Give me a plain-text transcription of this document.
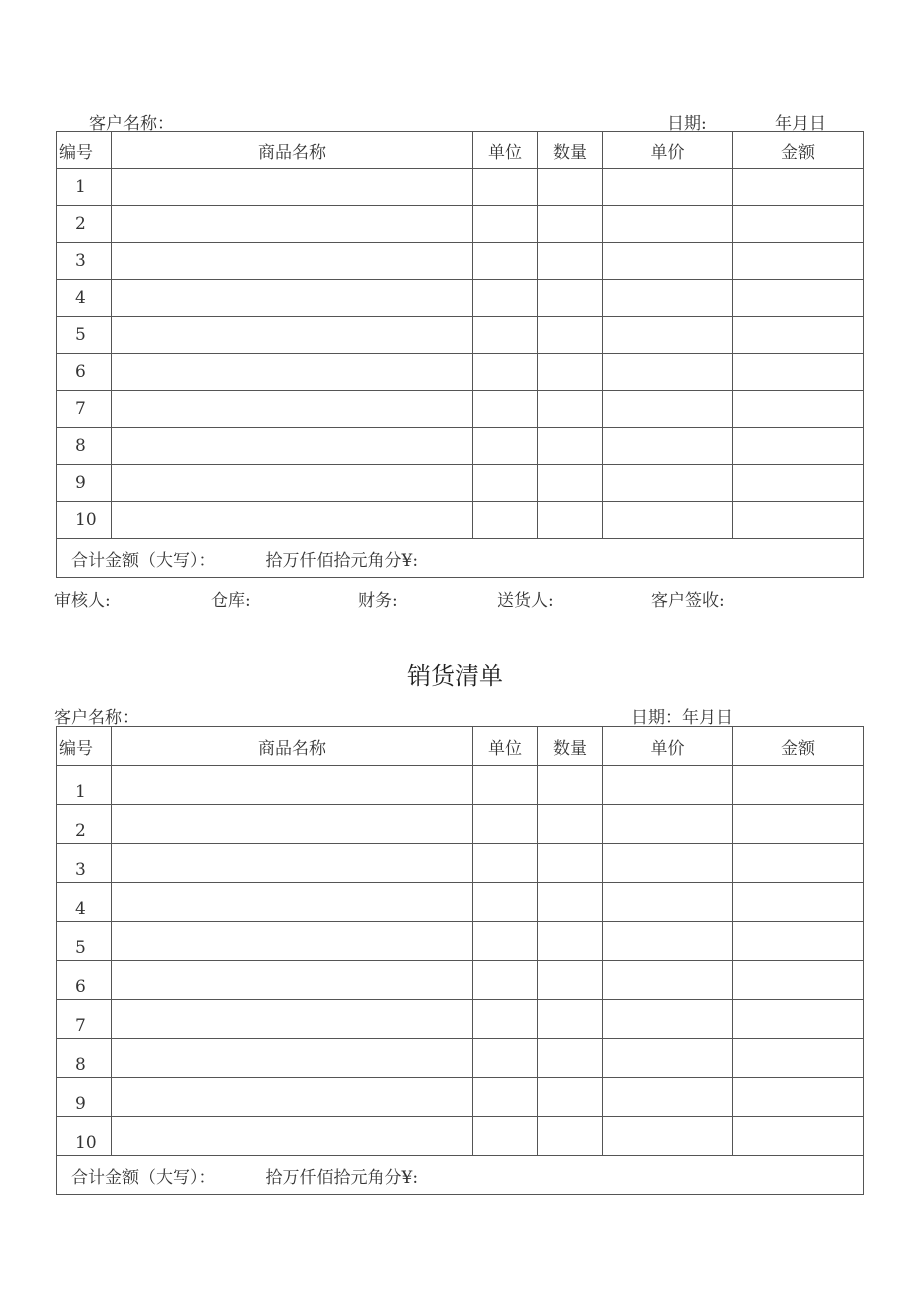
客户名称：	日期:	年月日
编号	商品名称	单位	数量	单价	金额
1					
2					
3					
4					
5					
6					
7					
8					
9					
10					
合计金额（大写）： 拾万仟佰拾元角分¥:					
审核人:	仓库:	财务:	送货人:	客户签收:
销货清单
客户名称：	日期：年月日
编号	商品名称	单位	数量	单价	金额
1					
2					
3					
4					
5					
6					
7					
8					
9					
10					
合计金额（大写）： 拾万仟佰拾元角分¥:					
